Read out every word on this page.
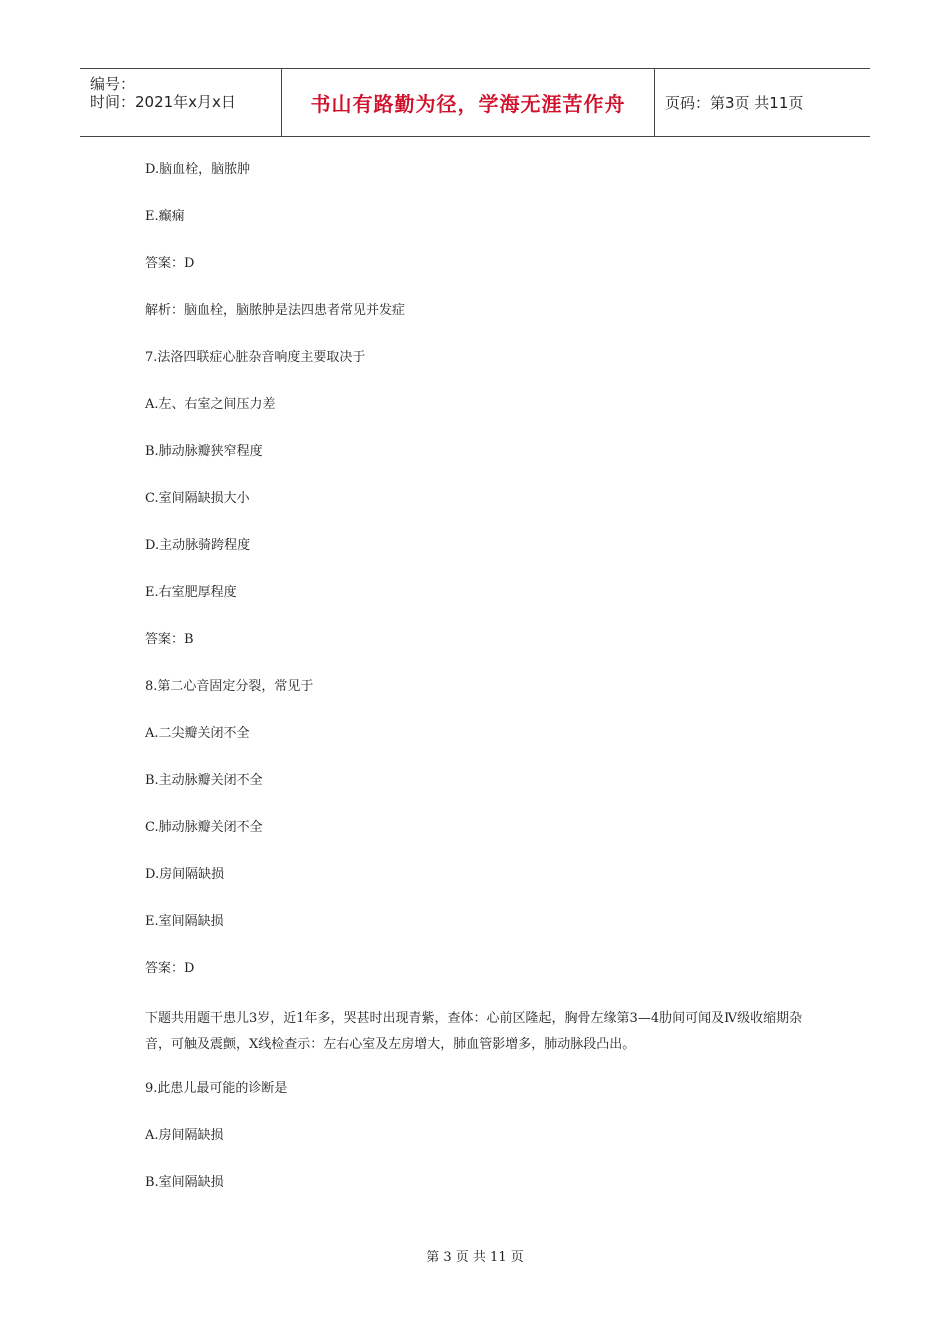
编号：
时间：2021年x月x日	书山有路勤为径，学海无涯苦作舟	页码：第3页 共11页
D.脑血栓，脑脓肿
E.癫痫
答案：D
解析：脑血栓，脑脓肿是法四患者常见并发症
7.法洛四联症心脏杂音响度主要取决于
A.左、右室之间压力差
B.肺动脉瓣狭窄程度
C.室间隔缺损大小
D.主动脉骑跨程度
E.右室肥厚程度
答案：B
8.第二心音固定分裂，常见于
A.二尖瓣关闭不全
B.主动脉瓣关闭不全
C.肺动脉瓣关闭不全
D.房间隔缺损
E.室间隔缺损
答案：D
下题共用题干患儿3岁，近1年多，哭甚时出现青紫，查体：心前区隆起，胸骨左缘第3—4肋间可闻及Ⅳ级收缩期杂音，可触及震颤，X线检查示：左右心室及左房增大，肺血管影增多，肺动脉段凸出。
9.此患儿最可能的诊断是
A.房间隔缺损
B.室间隔缺损
第 3 页 共 11 页
